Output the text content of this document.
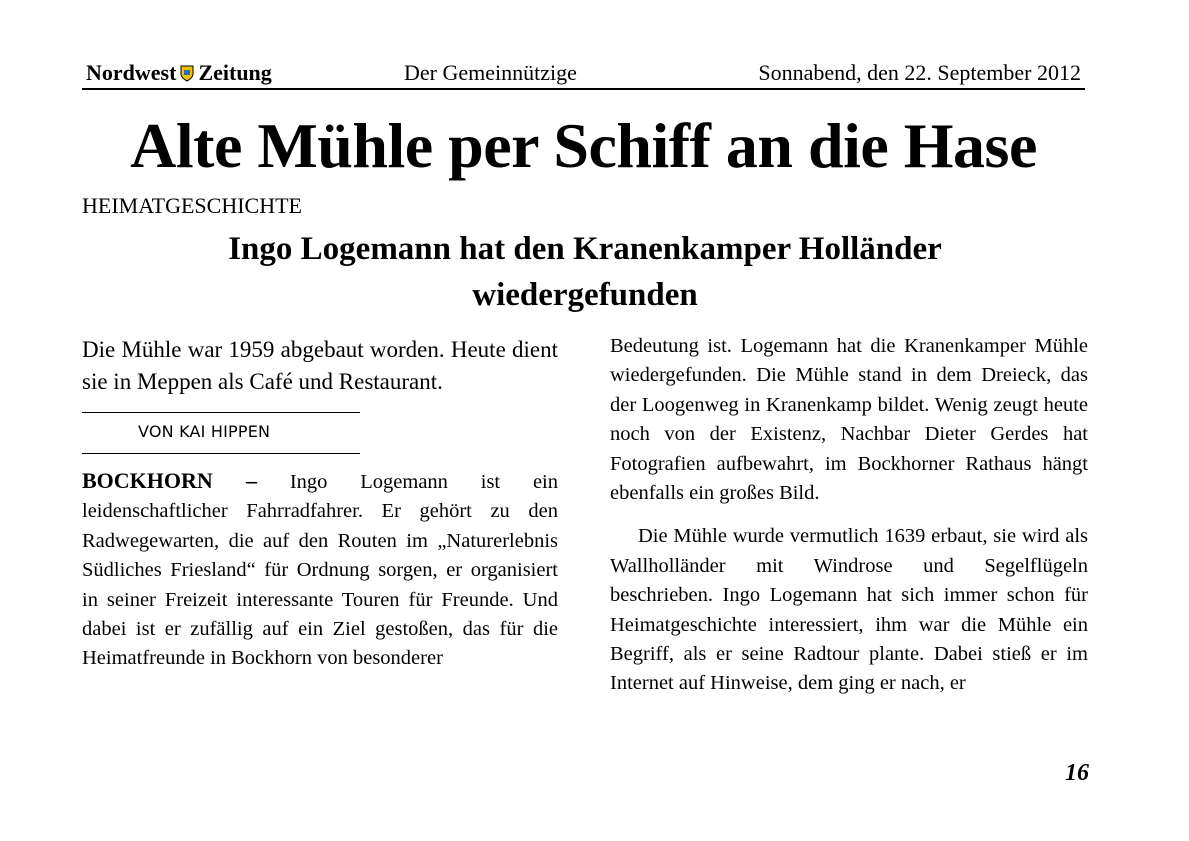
Nordwest Zeitung	Der Gemeinnützige	Sonnabend, den 22. September 2012
Alte Mühle per Schiff an die Hase
HEIMATGESCHICHTE
Ingo Logemann hat den Kranenkamper Holländer wiedergefunden

Die Mühle war 1959 abgebaut worden. Heute dient sie in Meppen als Café und Restaurant.

VON KAI HIPPEN

BOCKHORN – Ingo Logemann ist ein leidenschaftlicher Fahrradfahrer. Er gehört zu den Radwegewarten, die auf den Routen im „Naturerlebnis Südliches Friesland“ für Ordnung sorgen, er organisiert in seiner Freizeit interessante Touren für Freunde. Und dabei ist er zufällig auf ein Ziel gestoßen, das für die Heimatfreunde in Bockhorn von besonderer

Bedeutung ist. Logemann hat die Kranenkamper Mühle wiedergefunden. Die Mühle stand in dem Dreieck, das der Loogenweg in Kranenkamp bildet. Wenig zeugt heute noch von der Existenz, Nachbar Dieter Gerdes hat Fotografien aufbewahrt, im Bockhorner Rathaus hängt ebenfalls ein großes Bild.

Die Mühle wurde vermutlich 1639 erbaut, sie wird als Wallholländer mit Windrose und Segelflügeln beschrieben. Ingo Logemann hat sich immer schon für Heimatgeschichte interessiert, ihm war die Mühle ein Begriff, als er seine Radtour plante. Dabei stieß er im Internet auf Hinweise, dem ging er nach, er

16
